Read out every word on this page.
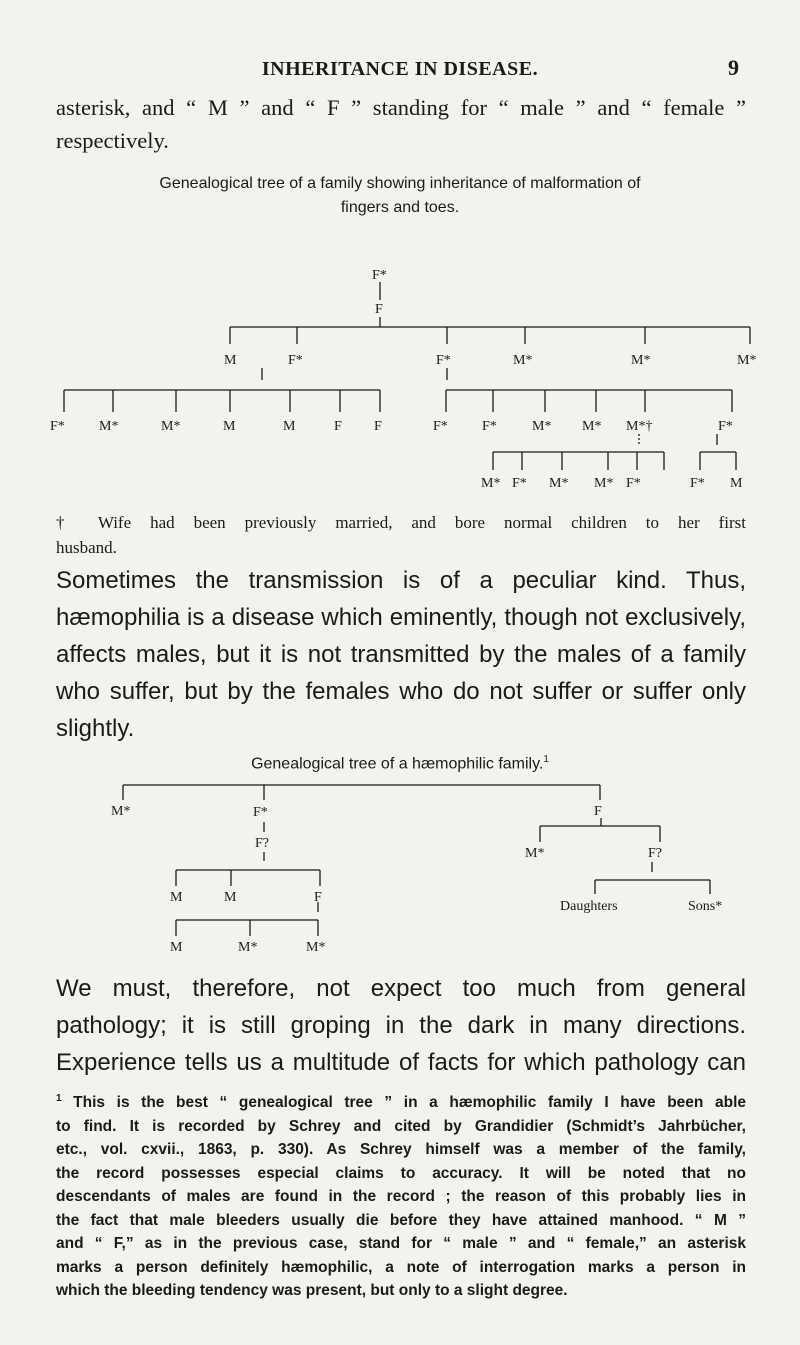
INHERITANCE IN DISEASE.	9
asterisk, and “ M ” and “ F ” standing for “ male ” and “ female ”
respectively.
Genealogical tree of a family showing inheritance of malformation of
fingers and toes.
F*
F
M	F*	F*	M*	M*	M*
F* M*	M*	M	M	F F	F* F*	M* M* M*†	F*
M* F* M* M* F*	F* M
† Wife had been previously married, and bore normal children to her first
husband.
Sometimes the transmission is of a peculiar kind. Thus,
hæmophilia is a disease which eminently, though not exclusively,
affects males, but it is not transmitted by the males of a family
who suffer, but by the females who do not suffer or suffer only
slightly.
Genealogical tree of a hæmophilic family.$^1$
M*	F*	F
F?
M*	F?
M	M	F
Daughters	Sons*
M	M*	M*
We must, therefore, not expect too much from general
pathology; it is still groping in the dark in many directions.
Experience tells us a multitude of facts for which pathology can
$^1$ This is the best “ genealogical tree ” in a hæmophilic family I have been able
to find. It is recorded by Schrey and cited by Grandidier (Schmidt’s Jahrbücher,
etc., vol. cxvii., 1863, p. 330). As Schrey himself was a member of the family,
the record possesses especial claims to accuracy. It will be noted that no
descendants of males are found in the record ; the reason of this probably lies in
the fact that male bleeders usually die before they have attained manhood. “ M ”
and “ F,” as in the previous case, stand for “ male ” and “ female,” an asterisk
marks a person definitely hæmophilic, a note of interrogation marks a person in
which the bleeding tendency was present, but only to a slight degree.
